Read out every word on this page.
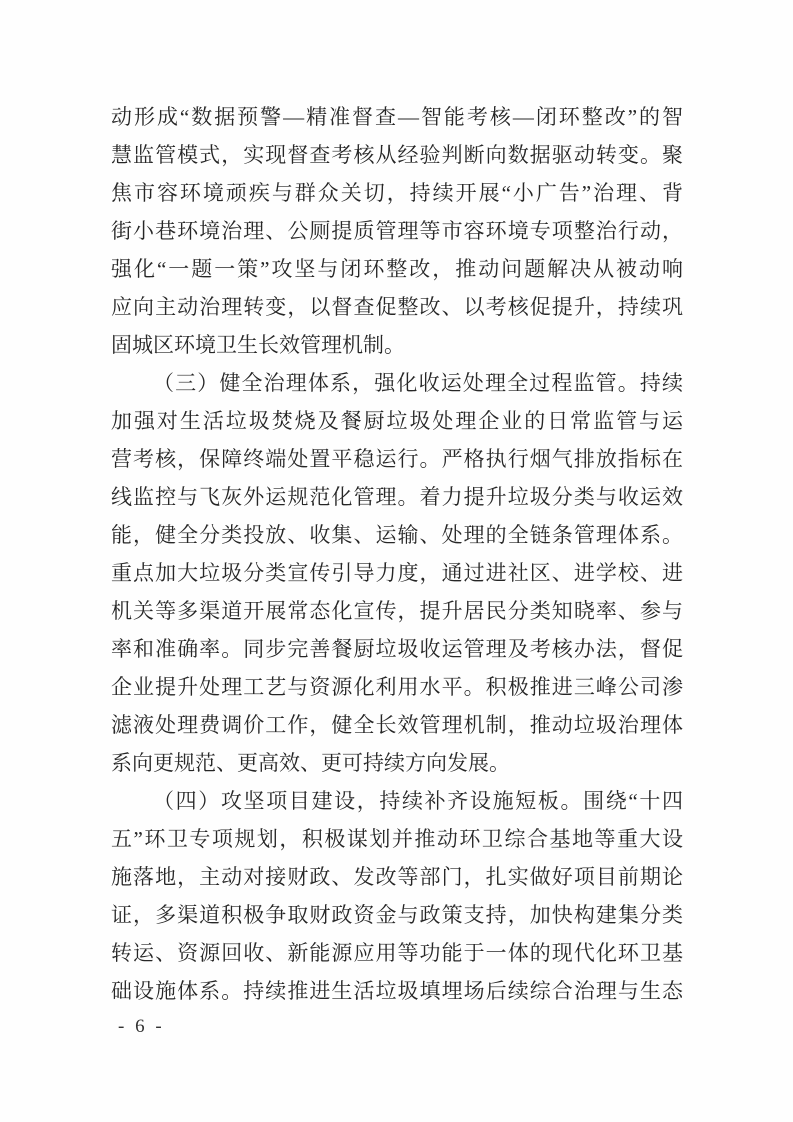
动形成“数据预警—精准督查—智能考核—闭环整改”的智
慧监管模式，实现督查考核从经验判断向数据驱动转变。聚
焦市容环境顽疾与群众关切，持续开展“小广告”治理、背
街小巷环境治理、公厕提质管理等市容环境专项整治行动，
强化“一题一策”攻坚与闭环整改，推动问题解决从被动响
应向主动治理转变，以督查促整改、以考核促提升，持续巩
固城区环境卫生长效管理机制。
（三）健全治理体系，强化收运处理全过程监管。持续
加强对生活垃圾焚烧及餐厨垃圾处理企业的日常监管与运
营考核，保障终端处置平稳运行。严格执行烟气排放指标在
线监控与飞灰外运规范化管理。着力提升垃圾分类与收运效
能，健全分类投放、收集、运输、处理的全链条管理体系。
重点加大垃圾分类宣传引导力度，通过进社区、进学校、进
机关等多渠道开展常态化宣传，提升居民分类知晓率、参与
率和准确率。同步完善餐厨垃圾收运管理及考核办法，督促
企业提升处理工艺与资源化利用水平。积极推进三峰公司渗
滤液处理费调价工作，健全长效管理机制，推动垃圾治理体
系向更规范、更高效、更可持续方向发展。
（四）攻坚项目建设，持续补齐设施短板。围绕“十四
五”环卫专项规划，积极谋划并推动环卫综合基地等重大设
施落地，主动对接财政、发改等部门，扎实做好项目前期论
证，多渠道积极争取财政资金与政策支持，加快构建集分类
转运、资源回收、新能源应用等功能于一体的现代化环卫基
础设施体系。持续推进生活垃圾填埋场后续综合治理与生态
- 6 -
